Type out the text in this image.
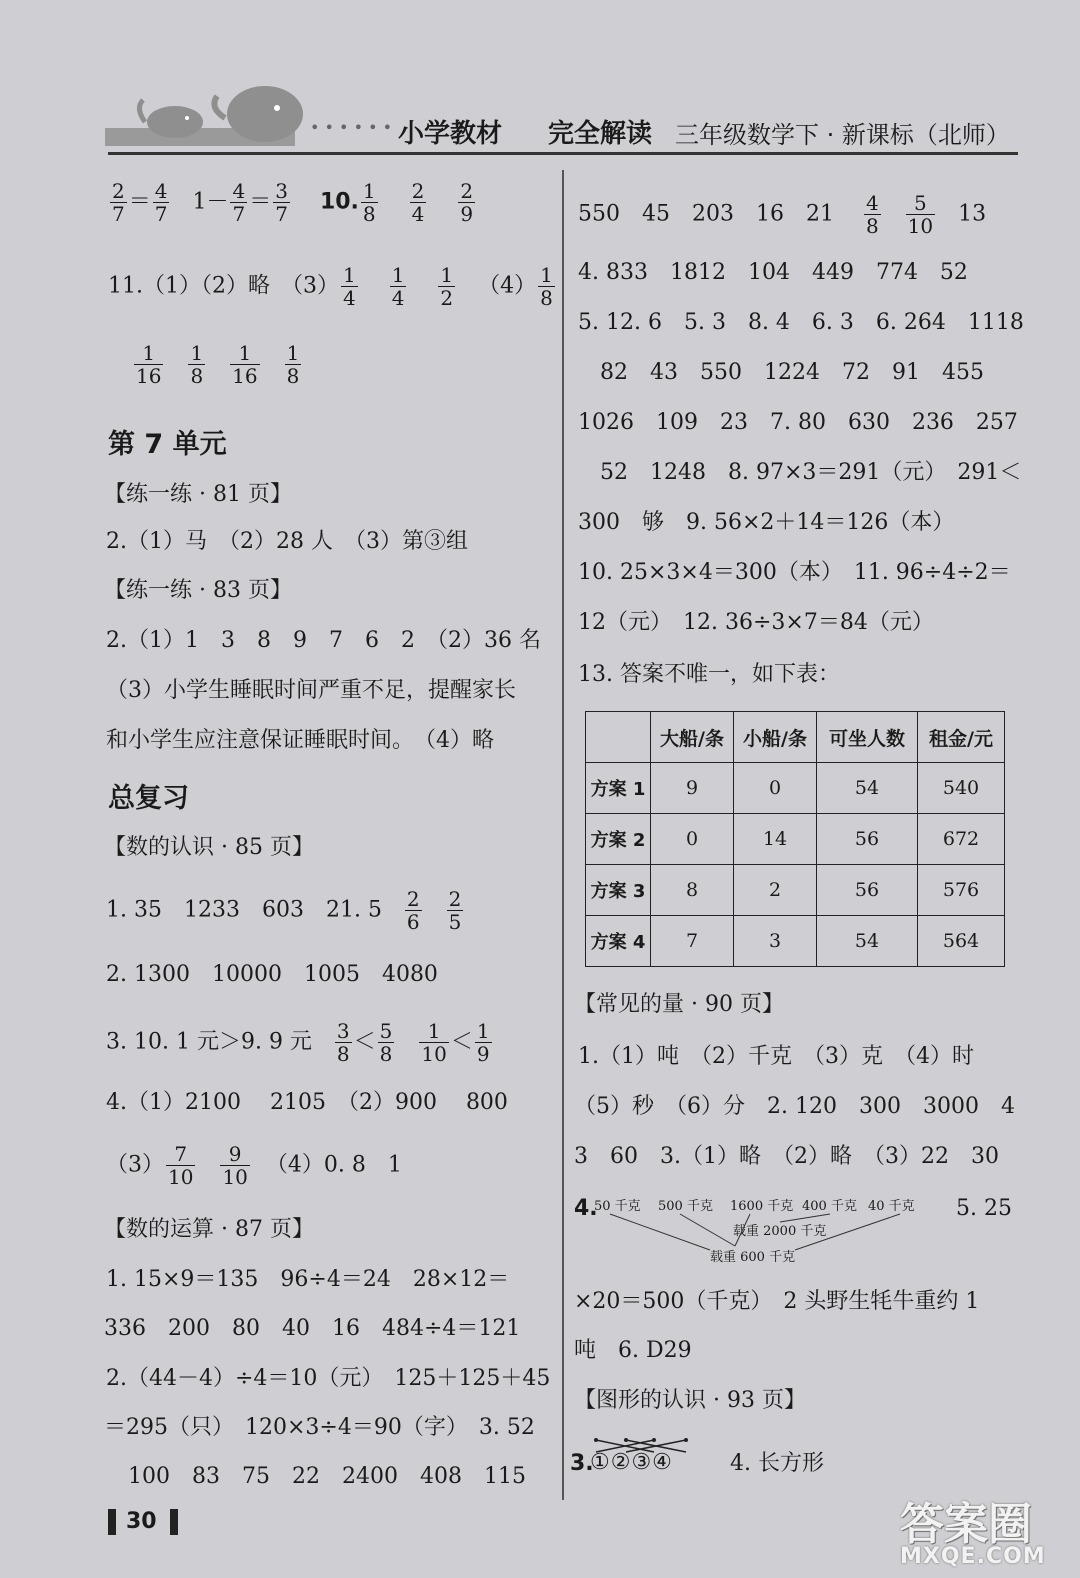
• • • • • • 小学教材 完全解读 三年级数学下 · 新课标（北师）
$\frac{2}{7} = \frac{4}{7} 1- \frac{4}{7} = \frac{3}{7} 10$. $\frac{1}{8}$
$\frac{2}{4}$
$\frac{2}{9}$
11.（1）（2）略　$(3) \frac{1}{4}$
$\frac{1}{4}$
$\frac{1}{2} (4) \frac{1}{8}$
$\frac{1}{16}$
$\frac{1}{8}$
$\frac{1}{16}$
$\frac{1}{8}$
第 7 单元
【练一练 · 81 页】
2.（1）马　（2）28 人　（3）第③组
【练一练 · 83 页】
2.（1）1　3　8　9　7　6　2　（2）36 名
（3）小学生睡眠时间严重不足，提醒家长
和小学生应注意保证睡眠时间。　（4）略
总复习
【数的认识 · 85 页】
1. 35　1233　603　21. $5 \frac{2}{6}$
$\frac{2}{5}$
2. 1300　10000　1005　4080
3. 10. 1 元＞9. 9 元 $\frac{3}{8} < \frac{5}{8}$
$\frac{1}{10} < \frac{1}{9}$
4.（1）2100　 2105　（2）900　 800
$(3) \frac{7}{10}$
$\frac{9}{10} (4)0$. 8　1
【数的运算 · 87 页】
1. 15×9＝135　96÷4＝24　28×12＝
336　200　80　40　16　484÷4＝121
2.（44－4）÷4＝10（元）　125＋125＋45
＝295（只）　120×3÷4＝90（字）　3. 52
100　83　75　22　2400　408　115
30
550　45　203　16　$21 \frac{4}{8}$
$\frac{5}{10} 13$
4. 833　1812　104　449　774　52
5. 12. 6　5. 3　8. 4　6. 3　6. 264　1118
82　43　550　1224　72　91　455
1026　109　23　7. 80　630　236　257
52　1248　8. 97×3＝291（元）　291＜
300　够　9. 56×2＋14＝126（本）
10. 25×3×4＝300（本）　11. 96÷4÷2＝
12（元）　12. 36÷3×7＝84（元）
13. 答案不唯一，如下表：
	大船/条	小船/条	可坐人数	租金/元
方案 1	9	0	54	540
方案 2	0	14	56	672
方案 3	8	2	56	576
方案 4	7	3	54	564
【常见的量 · 90 页】
1.（1）吨　（2）千克　（3）克　（4）时
（5）秒　（6）分　2. 120　300　3000　4
3　60　3.（1）略　（2）略　（3）22　30
4.
50 千克 500 千克 1600 千克 400 千克 40 千克
载重 2000 千克
载重 600 千克
5. 25
×20＝500（千克）　2 头野生牦牛重约 1
吨　6. D29
【图形的认识 · 93 页】
3.
①②③④	4. 长方形
答案圈
MXQE.COM
